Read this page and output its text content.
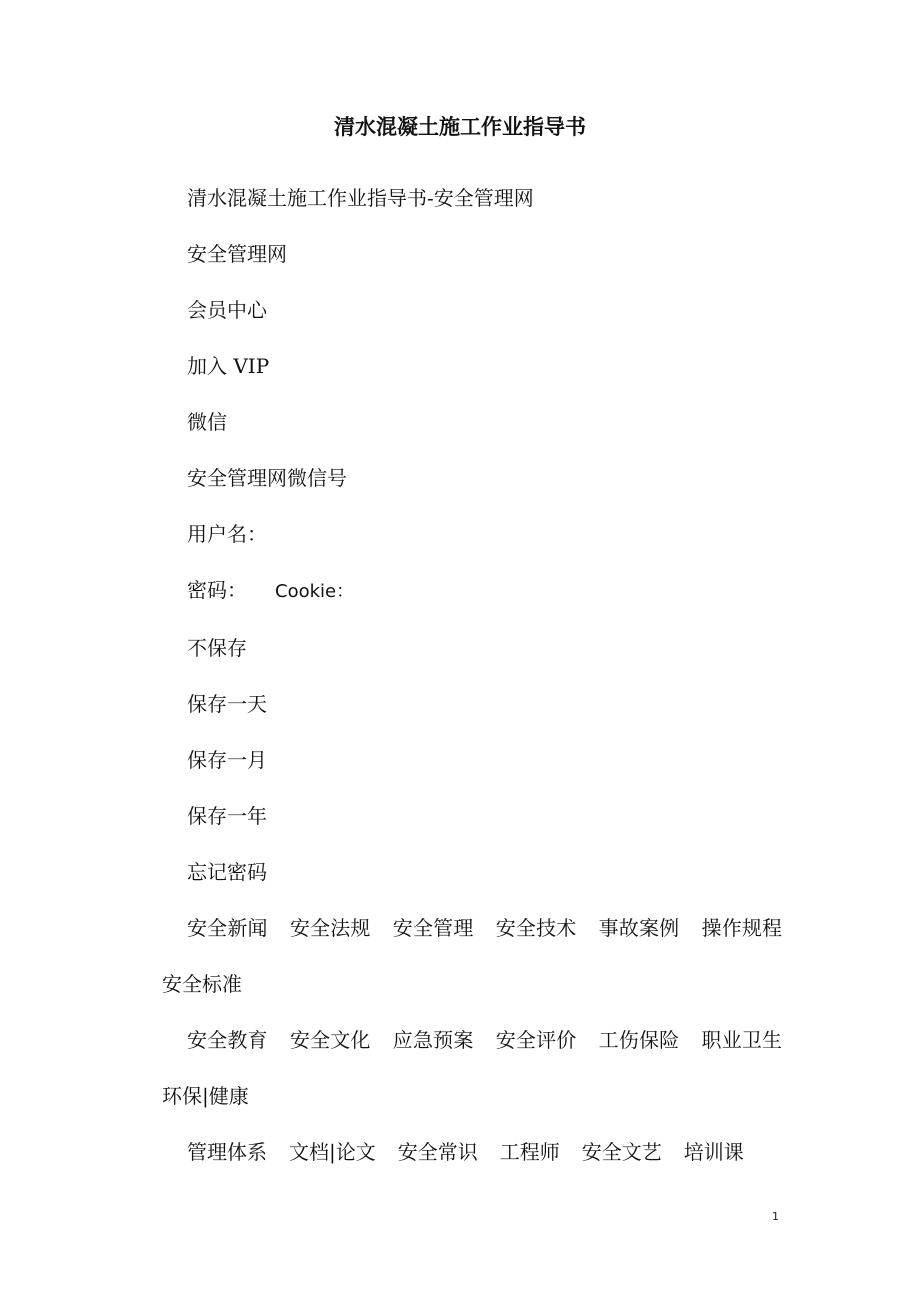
清水混凝土施工作业指导书

清水混凝土施工作业指导书-安全管理网

安全管理网

会员中心

加入 VIP

微信

安全管理网微信号

用户名：

密码： Cookie：

不保存

保存一天

保存一月

保存一年

忘记密码

安全新闻 安全法规 安全管理 安全技术 事故案例 操作规程安全标准

安全教育 安全文化 应急预案 安全评价 工伤保险 职业卫生环保|健康

管理体系 文档|论文 安全常识 工程师 安全文艺 培训课

1
